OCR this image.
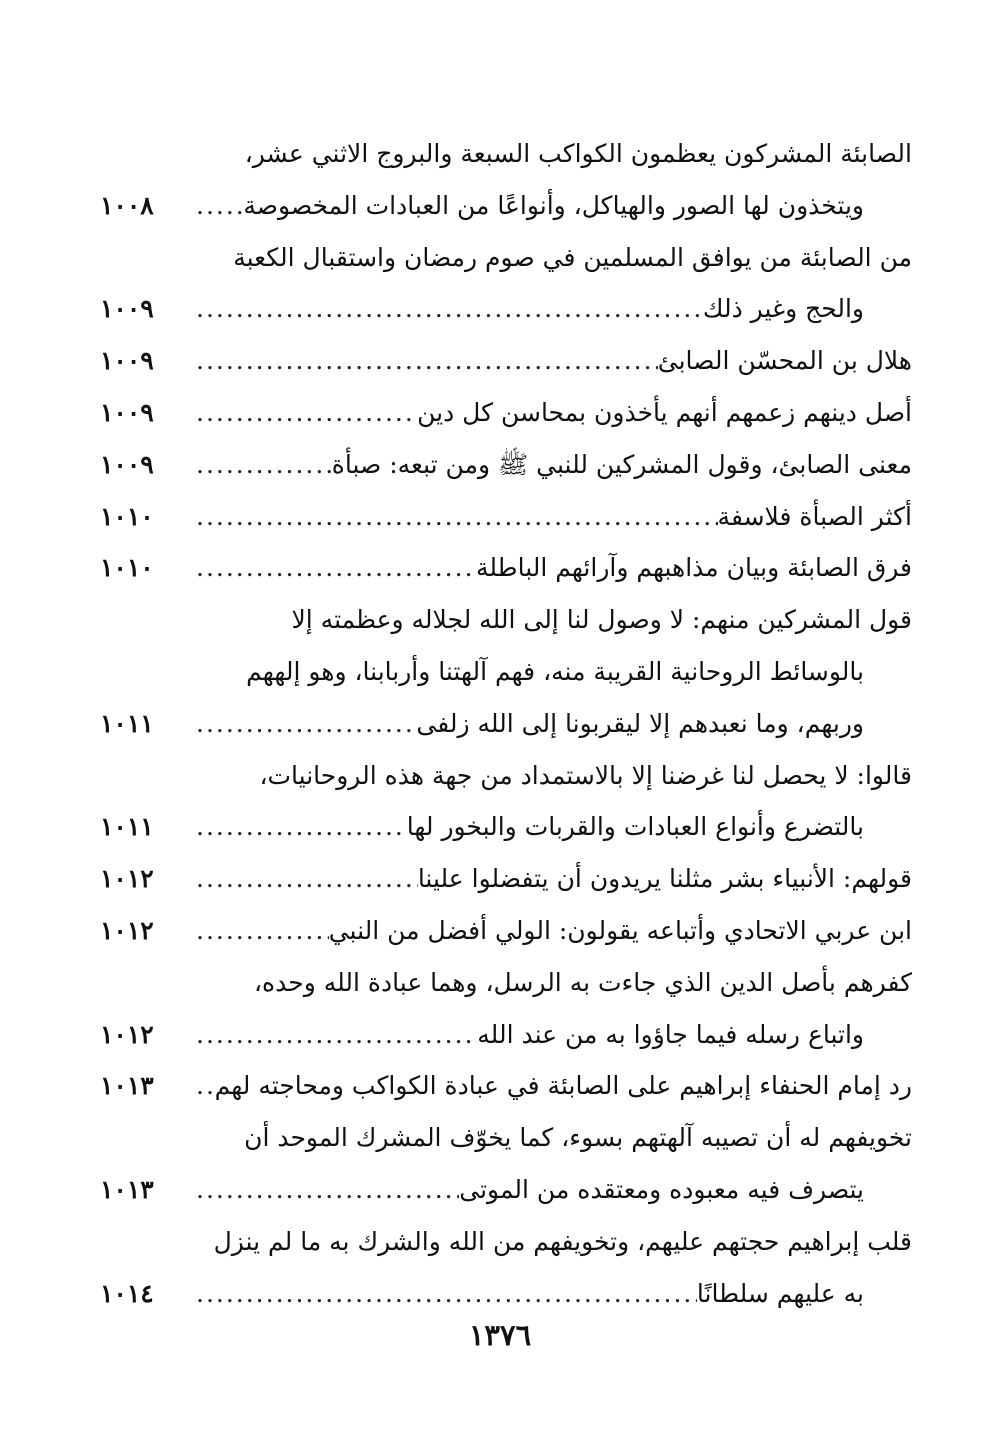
الصابئة المشركون يعظمون الكواكب السبعة والبروج الاثني عشر،
ويتخذون لها الصور والهياكل، وأنواعًا من العبادات المخصوصة
.....
١٠٠٨
من الصابئة من يوافق المسلمين في صوم رمضان واستقبال الكعبة
والحج وغير ذلك
.....
١٠٠٩
هلال بن المحسّن الصابئ
.....
١٠٠٩
أصل دينهم زعمهم أنهم يأخذون بمحاسن كل دين
.....
١٠٠٩
معنى الصابئ، وقول المشركين للنبي ﷺ ومن تبعه: صبأة
.....
١٠٠٩
أكثر الصبأة فلاسفة
.....
١٠١٠
فرق الصابئة وبيان مذاهبهم وآرائهم الباطلة
.....
١٠١٠
قول المشركين منهم: لا وصول لنا إلى الله لجلاله وعظمته إلا
بالوسائط الروحانية القريبة منه، فهم آلهتنا وأربابنا، وهو إلههم
وربهم، وما نعبدهم إلا ليقربونا إلى الله زلفى
.....
١٠١١
قالوا: لا يحصل لنا غرضنا إلا بالاستمداد من جهة هذه الروحانيات،
بالتضرع وأنواع العبادات والقربات والبخور لها
.....
١٠١١
قولهم: الأنبياء بشر مثلنا يريدون أن يتفضلوا علينا
.....
١٠١٢
ابن عربي الاتحادي وأتباعه يقولون: الولي أفضل من النبي
.....
١٠١٢
كفرهم بأصل الدين الذي جاءت به الرسل، وهما عبادة الله وحده،
واتباع رسله فيما جاؤوا به من عند الله
.....
١٠١٢
رد إمام الحنفاء إبراهيم على الصابئة في عبادة الكواكب ومحاجته لهم
.....
١٠١٣
تخويفهم له أن تصيبه آلهتهم بسوء، كما يخوّف المشرك الموحد أن
يتصرف فيه معبوده ومعتقده من الموتى
.....
١٠١٣
قلب إبراهيم حجتهم عليهم، وتخويفهم من الله والشرك به ما لم ينزل
به عليهم سلطانًا
.....
١٠١٤
١٣٧٦
